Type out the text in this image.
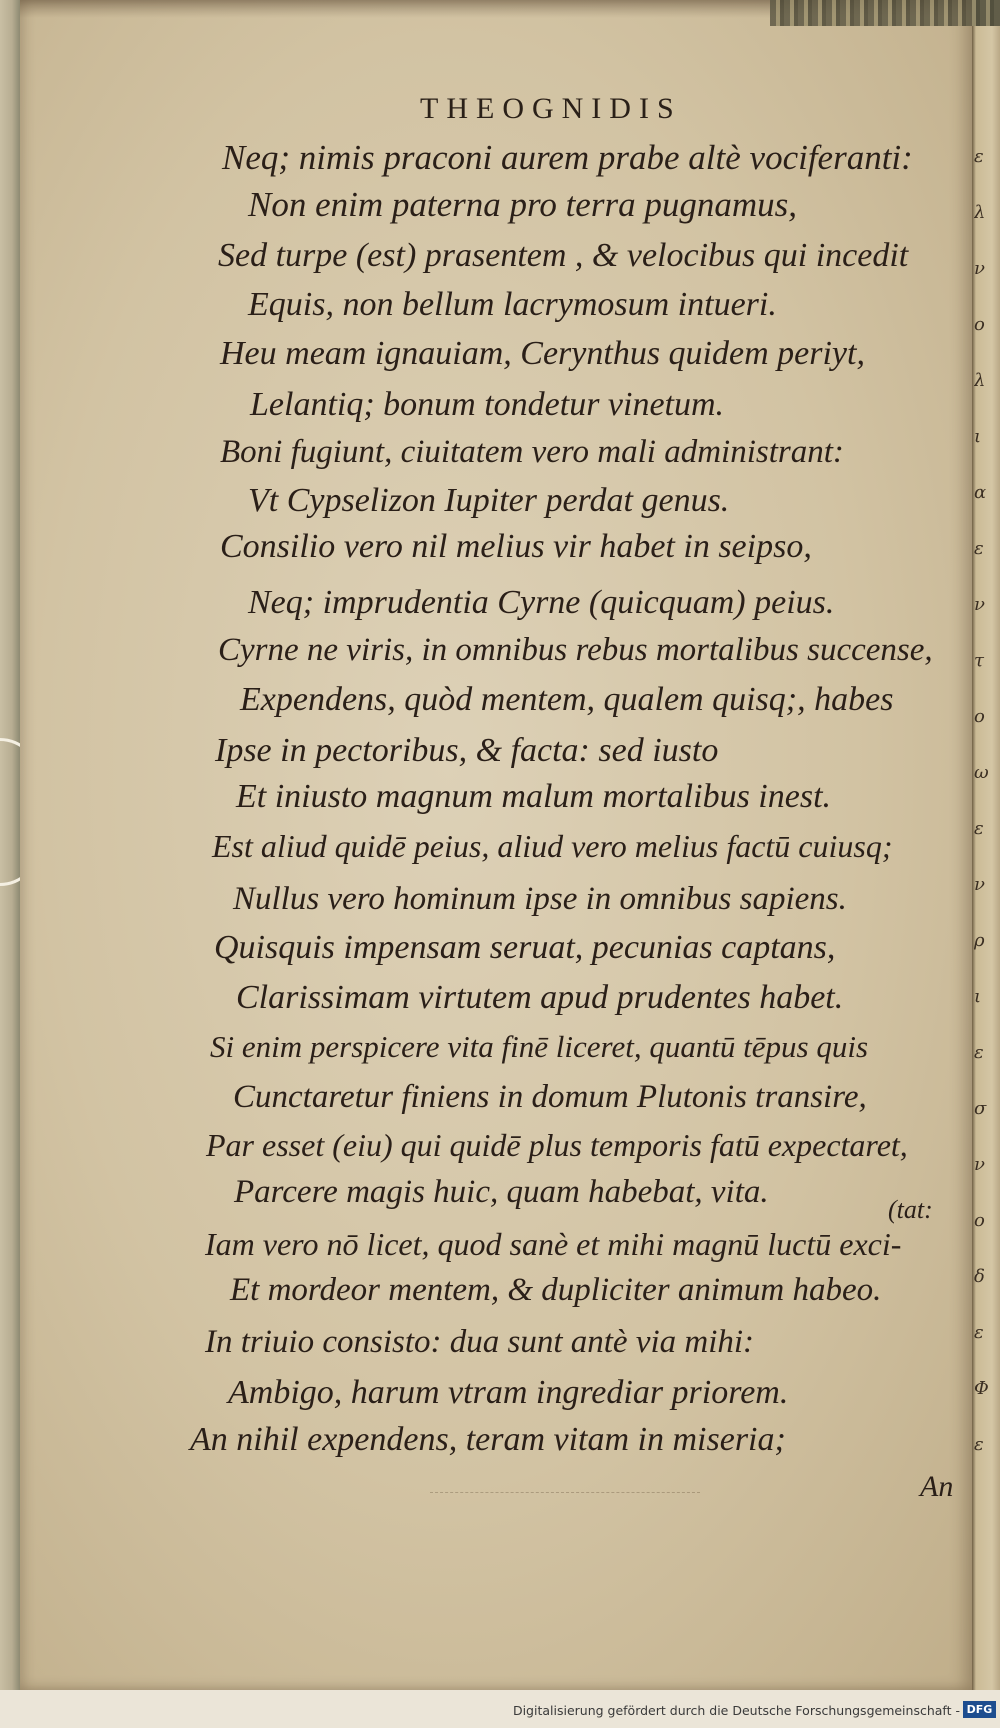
ε
λ
ν
ο
λ
ι
α
ε
ν
τ
ο
ω
ε
ν
ρ
ι
ε
σ
ν
ο
δ
ε
Φ
ε
THEOGNIDIS
Neq; nimis praconi aurem prabe altè vociferanti:
Non enim paterna pro terra pugnamus,
Sed turpe (est) prasentem , & velocibus qui incedit
Equis, non bellum lacrymosum intueri.
Heu meam ignauiam, Cerynthus quidem periyt,
Lelantiq; bonum tondetur vinetum.
Boni fugiunt, ciuitatem vero mali administrant:
Vt Cypselizon Iupiter perdat genus.
Consilio vero nil melius vir habet in seipso,
Neq; imprudentia Cyrne (quicquam) peius.
Cyrne ne viris, in omnibus rebus mortalibus succense,
Expendens, quòd mentem, qualem quisq;, habes
Ipse in pectoribus, & facta: sed iusto
Et iniusto magnum malum mortalibus inest.
Est aliud quidē peius, aliud vero melius factū cuiusq;
Nullus vero hominum ipse in omnibus sapiens.
Quisquis impensam seruat, pecunias captans,
Clarissimam virtutem apud prudentes habet.
Si enim perspicere vita finē liceret, quantū tēpus quis
Cunctaretur finiens in domum Plutonis transire,
Par esset (eiu) qui quidē plus temporis fatū expectaret,
Parcere magis huic, quam habebat, vita.
Iam vero nō licet, quod sanè et mihi magnū luctū exci-
Et mordeor mentem, & dupliciter animum habeo.
In triuio consisto: dua sunt antè via mihi:
Ambigo, harum vtram ingrediar priorem.
An nihil expendens, teram vitam in miseria;
(tat:
An
Digitalisierung gefördert durch die Deutsche Forschungsgemeinschaft - DFG
